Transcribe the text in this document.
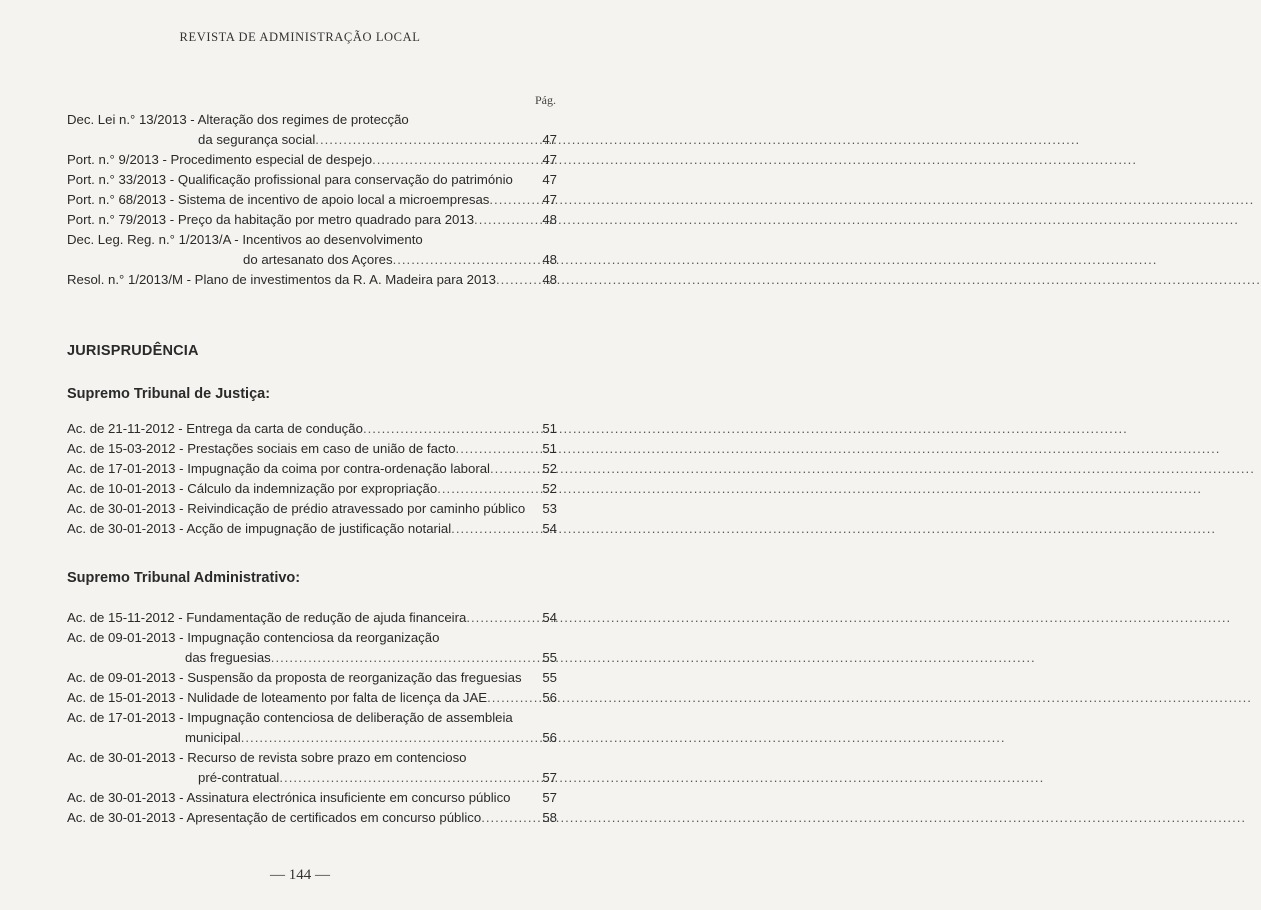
REVISTA DE ADMINISTRAÇÃO LOCAL
Pág.
Dec. Lei n.° 13/2013 - Alteração dos regimes de protecção
da segurança social .....	47
Port. n.° 9/2013 - Procedimento especial de despejo .....	47
Port. n.° 33/2013 - Qualificação profissional para conservação do património	47
Port. n.° 68/2013 - Sistema de incentivo de apoio local a microempresas .....	47
Port. n.° 79/2013 - Preço da habitação por metro quadrado para 2013 .....	48
Dec. Leg. Reg. n.° 1/2013/A - Incentivos ao desenvolvimento
do artesanato dos Açores .....	48
Resol. n.° 1/2013/M - Plano de investimentos da R. A. Madeira para 2013 .....	48
JURISPRUDÊNCIA
Supremo Tribunal de Justiça:
Ac. de 21-11-2012 - Entrega da carta de condução .....	51
Ac. de 15-03-2012 - Prestações sociais em caso de união de facto .....	51
Ac. de 17-01-2013 - Impugnação da coima por contra-ordenação laboral .....	52
Ac. de 10-01-2013 - Cálculo da indemnização por expropriação .....	52
Ac. de 30-01-2013 - Reivindicação de prédio atravessado por caminho público	53
Ac. de 30-01-2013 - Acção de impugnação de justificação notarial .....	54
Supremo Tribunal Administrativo:
Ac. de 15-11-2012 - Fundamentação de redução de ajuda financeira .....	54
Ac. de 09-01-2013 - Impugnação contenciosa da reorganização
das freguesias .....	55
Ac. de 09-01-2013 - Suspensão da proposta de reorganização das freguesias	55
Ac. de 15-01-2013 - Nulidade de loteamento por falta de licença da JAE .....	56
Ac. de 17-01-2013 - Impugnação contenciosa de deliberação de assembleia
municipal .....	56
Ac. de 30-01-2013 - Recurso de revista sobre prazo em contencioso
pré-contratual .....	57
Ac. de 30-01-2013 - Assinatura electrónica insuficiente em concurso público	57
Ac. de 30-01-2013 - Apresentação de certificados em concurso público .....	58
— 144 —
